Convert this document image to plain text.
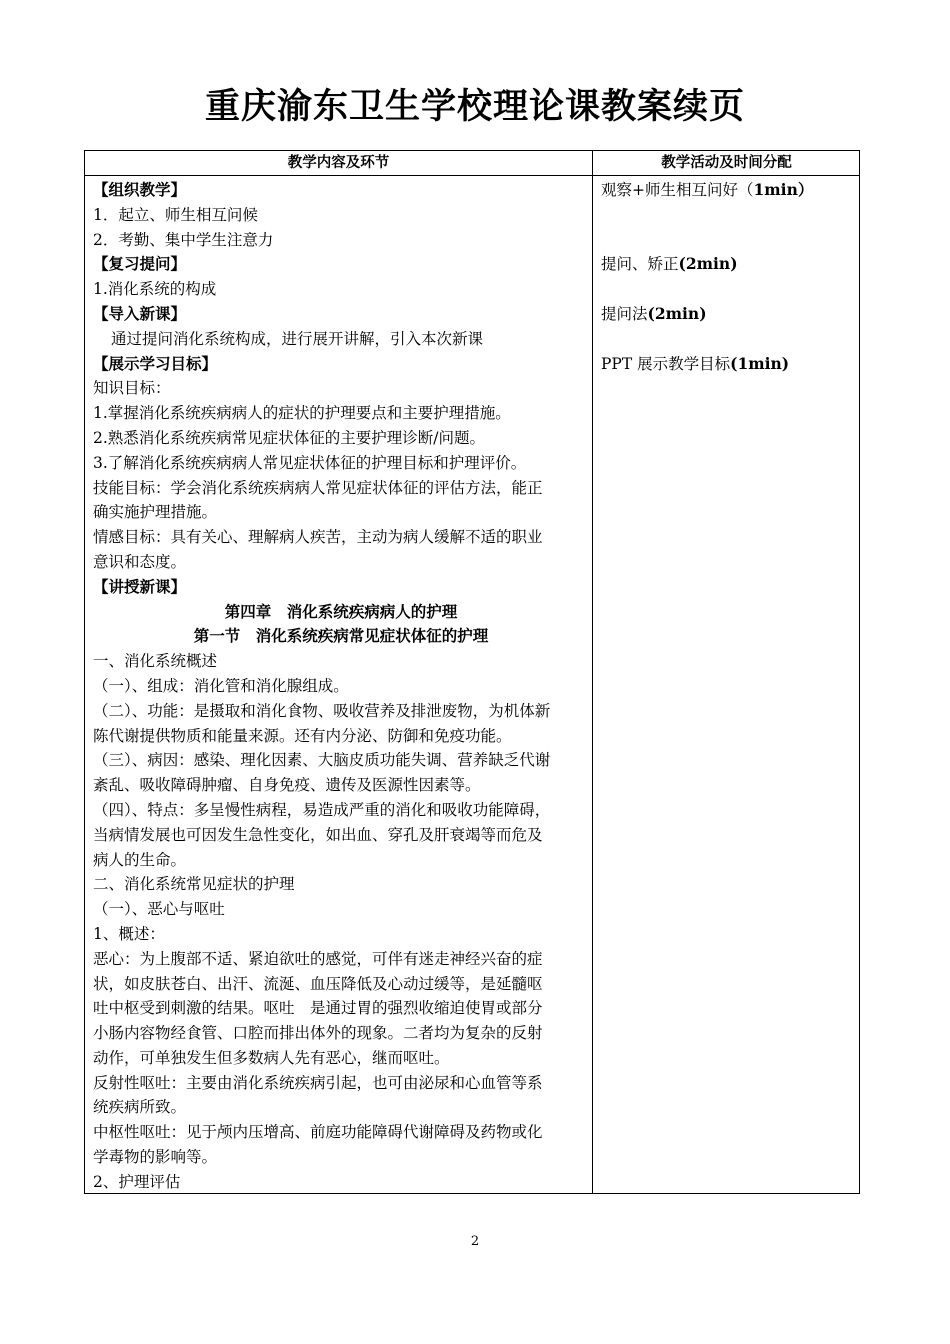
重庆渝东卫生学校理论课教案续页
教学内容及环节	教学活动及时间分配
【组织教学】
1．起立、师生相互问候
2．考勤、集中学生注意力
【复习提问】
1.消化系统的构成
【导入新课】
通过提问消化系统构成，进行展开讲解，引入本次新课
【展示学习目标】
知识目标：
1.掌握消化系统疾病病人的症状的护理要点和主要护理措施。
2.熟悉消化系统疾病常见症状体征的主要护理诊断/问题。
3.了解消化系统疾病病人常见症状体征的护理目标和护理评价。
技能目标：学会消化系统疾病病人常见症状体征的评估方法，能正
确实施护理措施。
情感目标：具有关心、理解病人疾苦，主动为病人缓解不适的职业
意识和态度。
【讲授新课】
第四章　消化系统疾病病人的护理
第一节　消化系统疾病常见症状体征的护理
一、消化系统概述
（一）、组成：消化管和消化腺组成。
（二）、功能：是摄取和消化食物、吸收营养及排泄废物，为机体新
陈代谢提供物质和能量来源。还有内分泌、防御和免疫功能。
（三）、病因：感染、理化因素、大脑皮质功能失调、营养缺乏代谢
紊乱、吸收障碍肿瘤、自身免疫、遗传及医源性因素等。
（四）、特点：多呈慢性病程，易造成严重的消化和吸收功能障碍，
当病情发展也可因发生急性变化，如出血、穿孔及肝衰竭等而危及
病人的生命。
二、消化系统常见症状的护理
（一）、恶心与呕吐
1、概述：
恶心：为上腹部不适、紧迫欲吐的感觉，可伴有迷走神经兴奋的症
状，如皮肤苍白、出汗、流涎、血压降低及心动过缓等，是延髓呕
吐中枢受到刺激的结果。呕吐　是通过胃的强烈收缩迫使胃或部分
小肠内容物经食管、口腔而排出体外的现象。二者均为复杂的反射
动作，可单独发生但多数病人先有恶心，继而呕吐。
反射性呕吐：主要由消化系统疾病引起，也可由泌尿和心血管等系
统疾病所致。
中枢性呕吐：见于颅内压增高、前庭功能障碍代谢障碍及药物或化
学毒物的影响等。
2、护理评估
观察+师生相互问好（1min）
提问、矫正(2min)
提问法(2min)
PPT 展示教学目标(1min)
2
